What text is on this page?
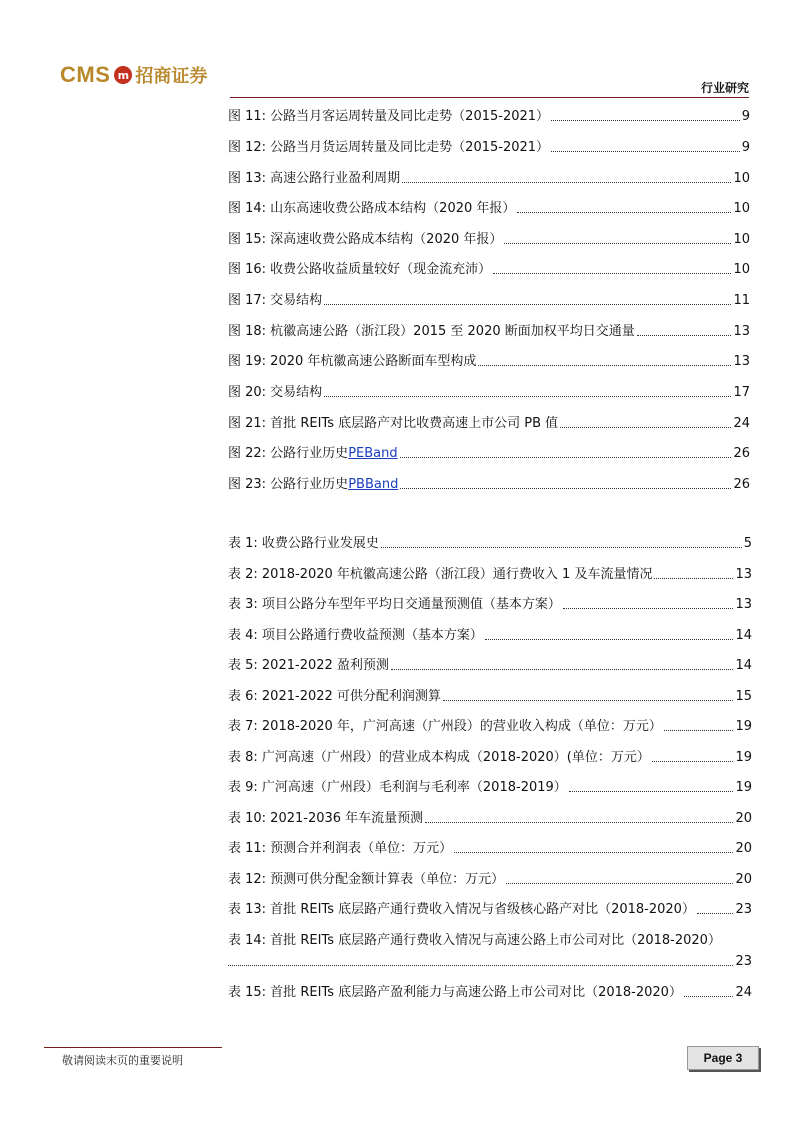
CMS m 招商证券
行业研究
图 11: 公路当月客运周转量及同比走势（2015-2021）	9
图 12: 公路当月货运周转量及同比走势（2015-2021）	9
图 13: 高速公路行业盈利周期	10
图 14: 山东高速收费公路成本结构（2020 年报）	10
图 15: 深高速收费公路成本结构（2020 年报）	10
图 16: 收费公路收益质量较好（现金流充沛）	10
图 17: 交易结构	11
图 18: 杭徽高速公路（浙江段）2015 至 2020 断面加权平均日交通量	13
图 19: 2020 年杭徽高速公路断面车型构成	13
图 20: 交易结构	17
图 21: 首批 REITs 底层路产对比收费高速上市公司 PB 值	24
图 22: 公路行业历史 PEBand	26
图 23: 公路行业历史 PBBand	26
表 1: 收费公路行业发展史	5
表 2: 2018-2020 年杭徽高速公路（浙江段）通行费收入 1 及车流量情况	13
表 3: 项目公路分车型年平均日交通量预测值（基本方案）	13
表 4: 项目公路通行费收益预测（基本方案）	14
表 5: 2021-2022 盈利预测	14
表 6: 2021-2022 可供分配利润测算	15
表 7: 2018-2020 年，广河高速（广州段）的营业收入构成（单位：万元）	19
表 8: 广河高速（广州段）的营业成本构成（2018-2020）(单位：万元）	19
表 9: 广河高速（广州段）毛利润与毛利率（2018-2019）	19
表 10: 2021-2036 年车流量预测	20
表 11: 预测合并利润表（单位：万元）	20
表 12: 预测可供分配金额计算表（单位：万元）	20
表 13: 首批 REITs 底层路产通行费收入情况与省级核心路产对比（2018-2020）	23
表 14: 首批 REITs 底层路产通行费收入情况与高速公路上市公司对比（2018-2020）
23
表 15: 首批 REITs 底层路产盈利能力与高速公路上市公司对比（2018-2020）	24
敬请阅读末页的重要说明	Page 3
